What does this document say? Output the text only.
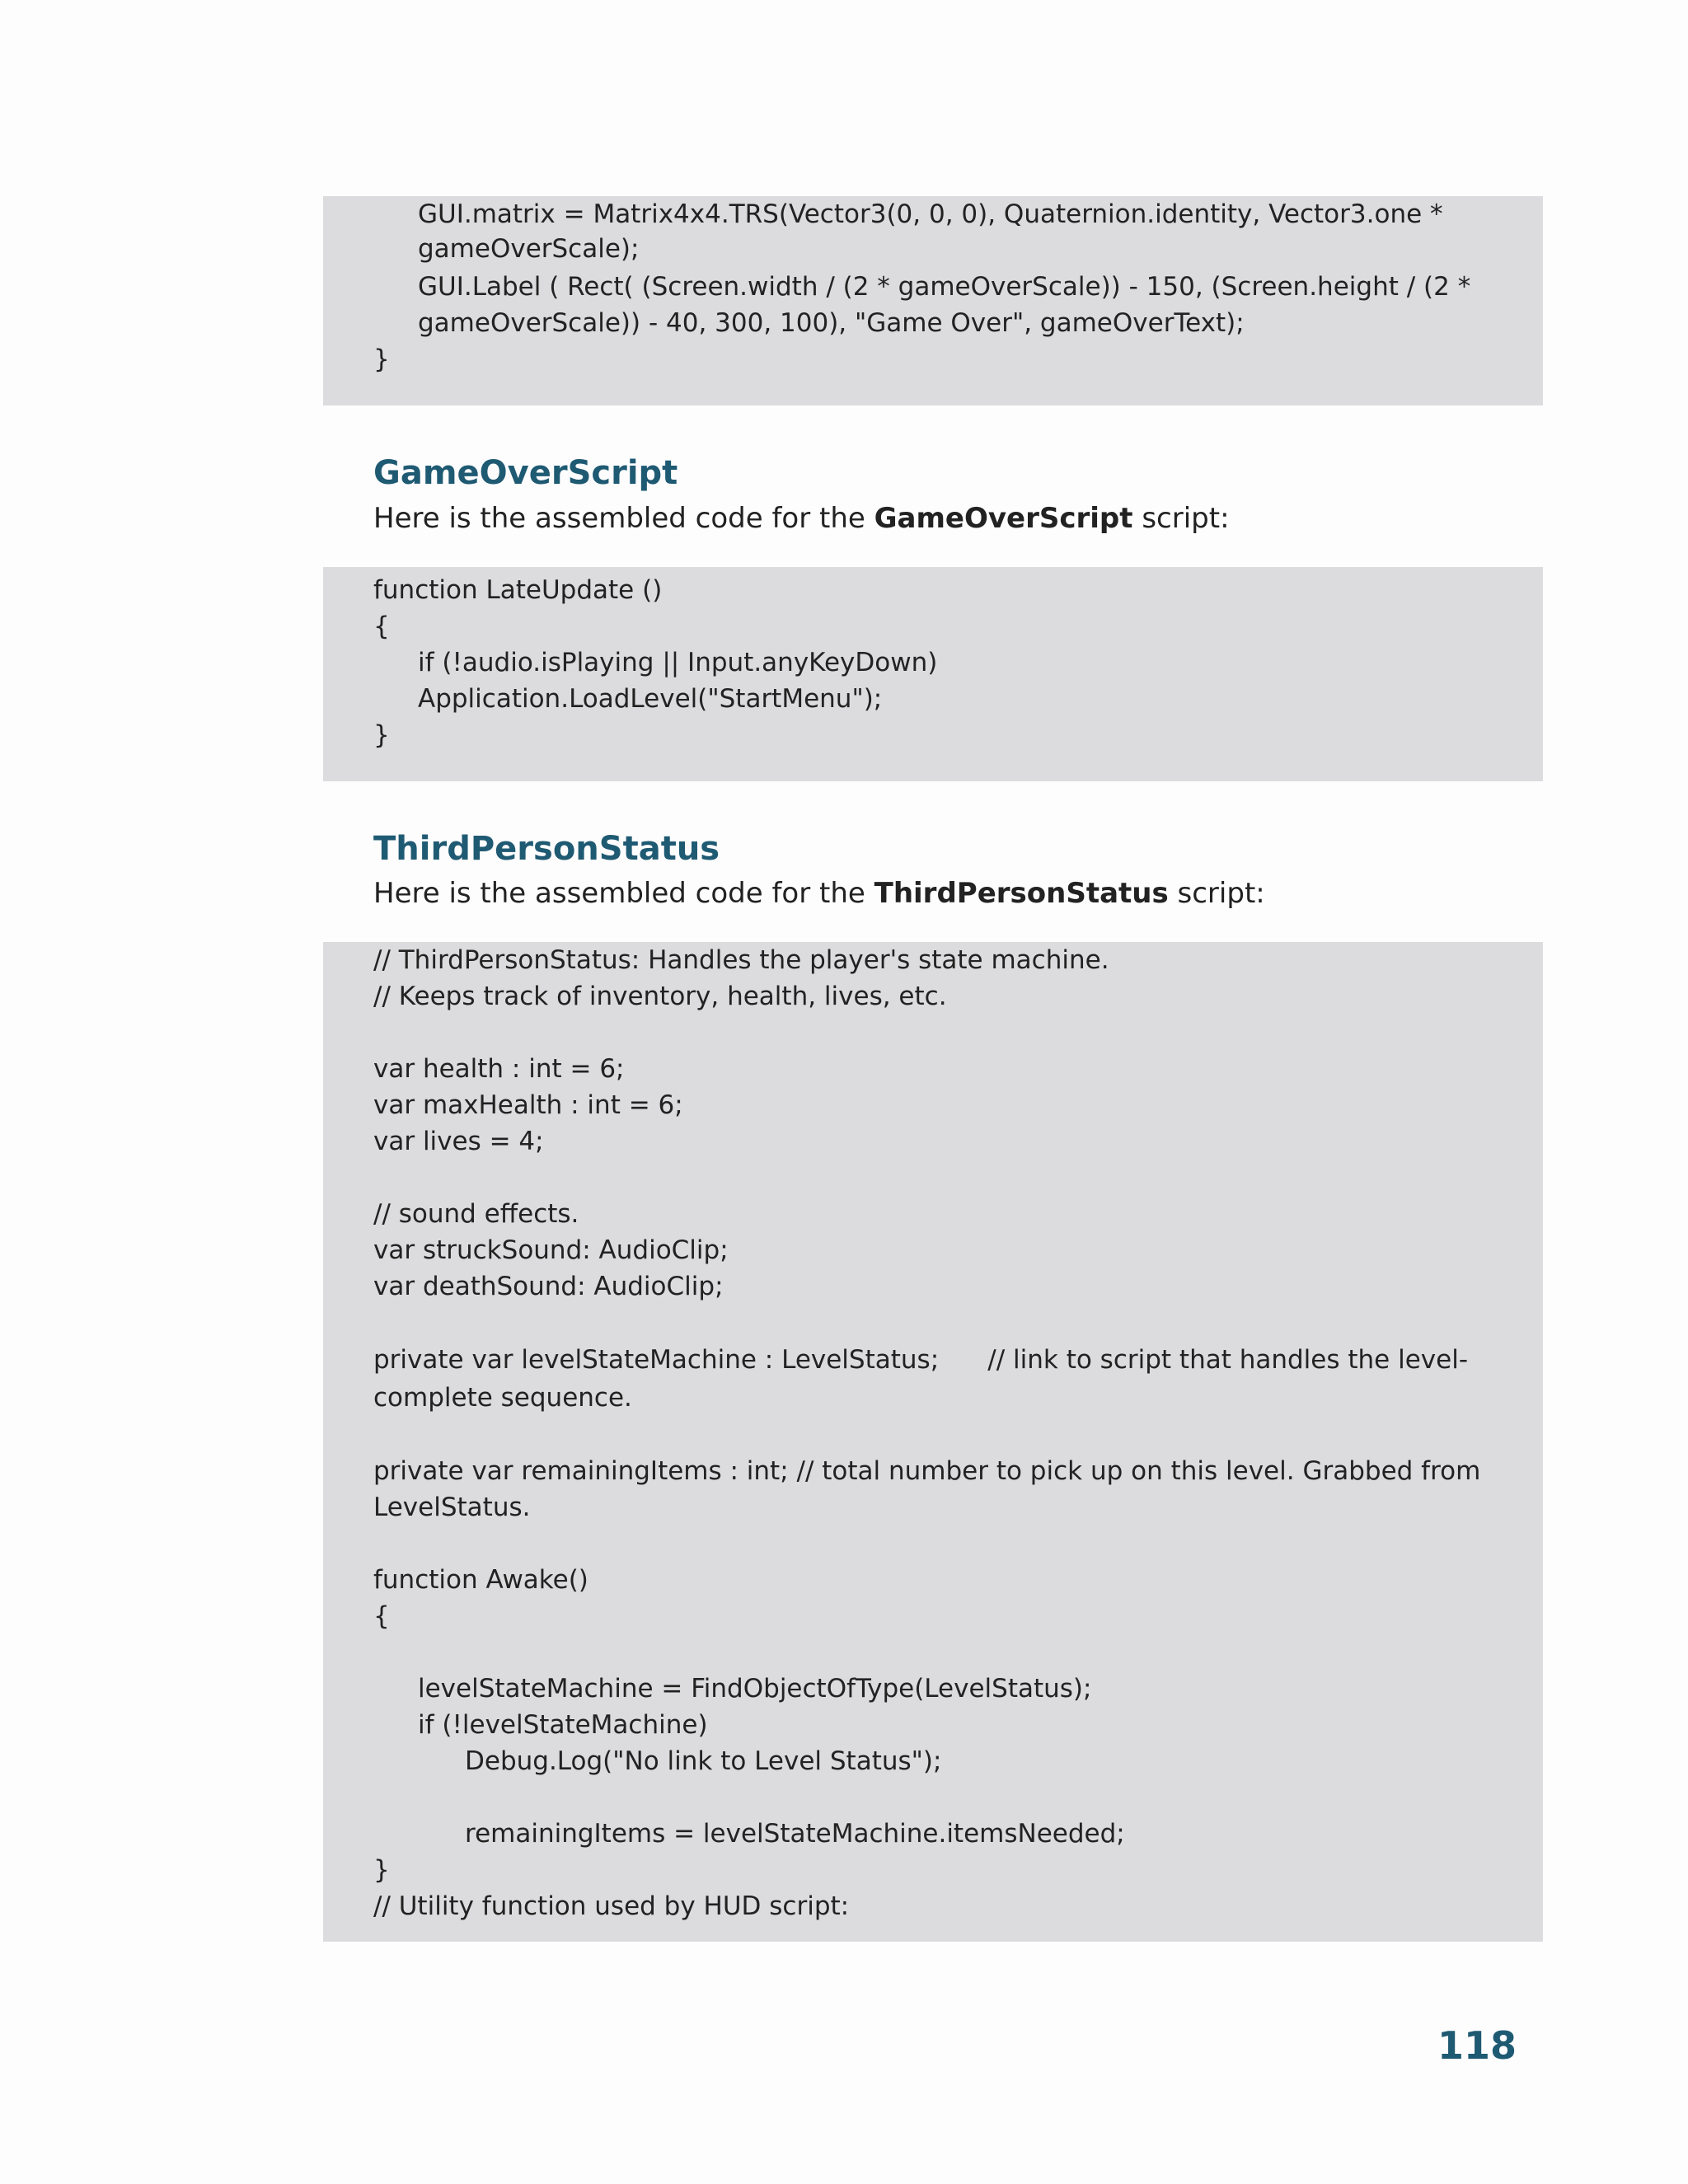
GUI.matrix = Matrix4x4.TRS(Vector3(0, 0, 0), Quaternion.identity, Vector3.one *
gameOverScale);
GUI.Label ( Rect( (Screen.width / (2 * gameOverScale)) - 150, (Screen.height / (2 *
gameOverScale)) - 40, 300, 100), "Game Over", gameOverText);
}
GameOverScript
Here is the assembled code for the GameOverScript script:
function LateUpdate ()
{
if (!audio.isPlaying || Input.anyKeyDown)
Application.LoadLevel("StartMenu");
}
ThirdPersonStatus
Here is the assembled code for the ThirdPersonStatus script:
// ThirdPersonStatus: Handles the player's state machine.
// Keeps track of inventory, health, lives, etc.
var health : int = 6;
var maxHealth : int = 6;
var lives = 4;
// sound effects.
var struckSound: AudioClip;
var deathSound: AudioClip;
private var levelStateMachine : LevelStatus;      // link to script that handles the level-
complete sequence.
private var remainingItems : int; // total number to pick up on this level. Grabbed from
LevelStatus.
function Awake()
{
levelStateMachine = FindObjectOfType(LevelStatus);
if (!levelStateMachine)
Debug.Log("No link to Level Status");
remainingItems = levelStateMachine.itemsNeeded;
}
// Utility function used by HUD script:
118
